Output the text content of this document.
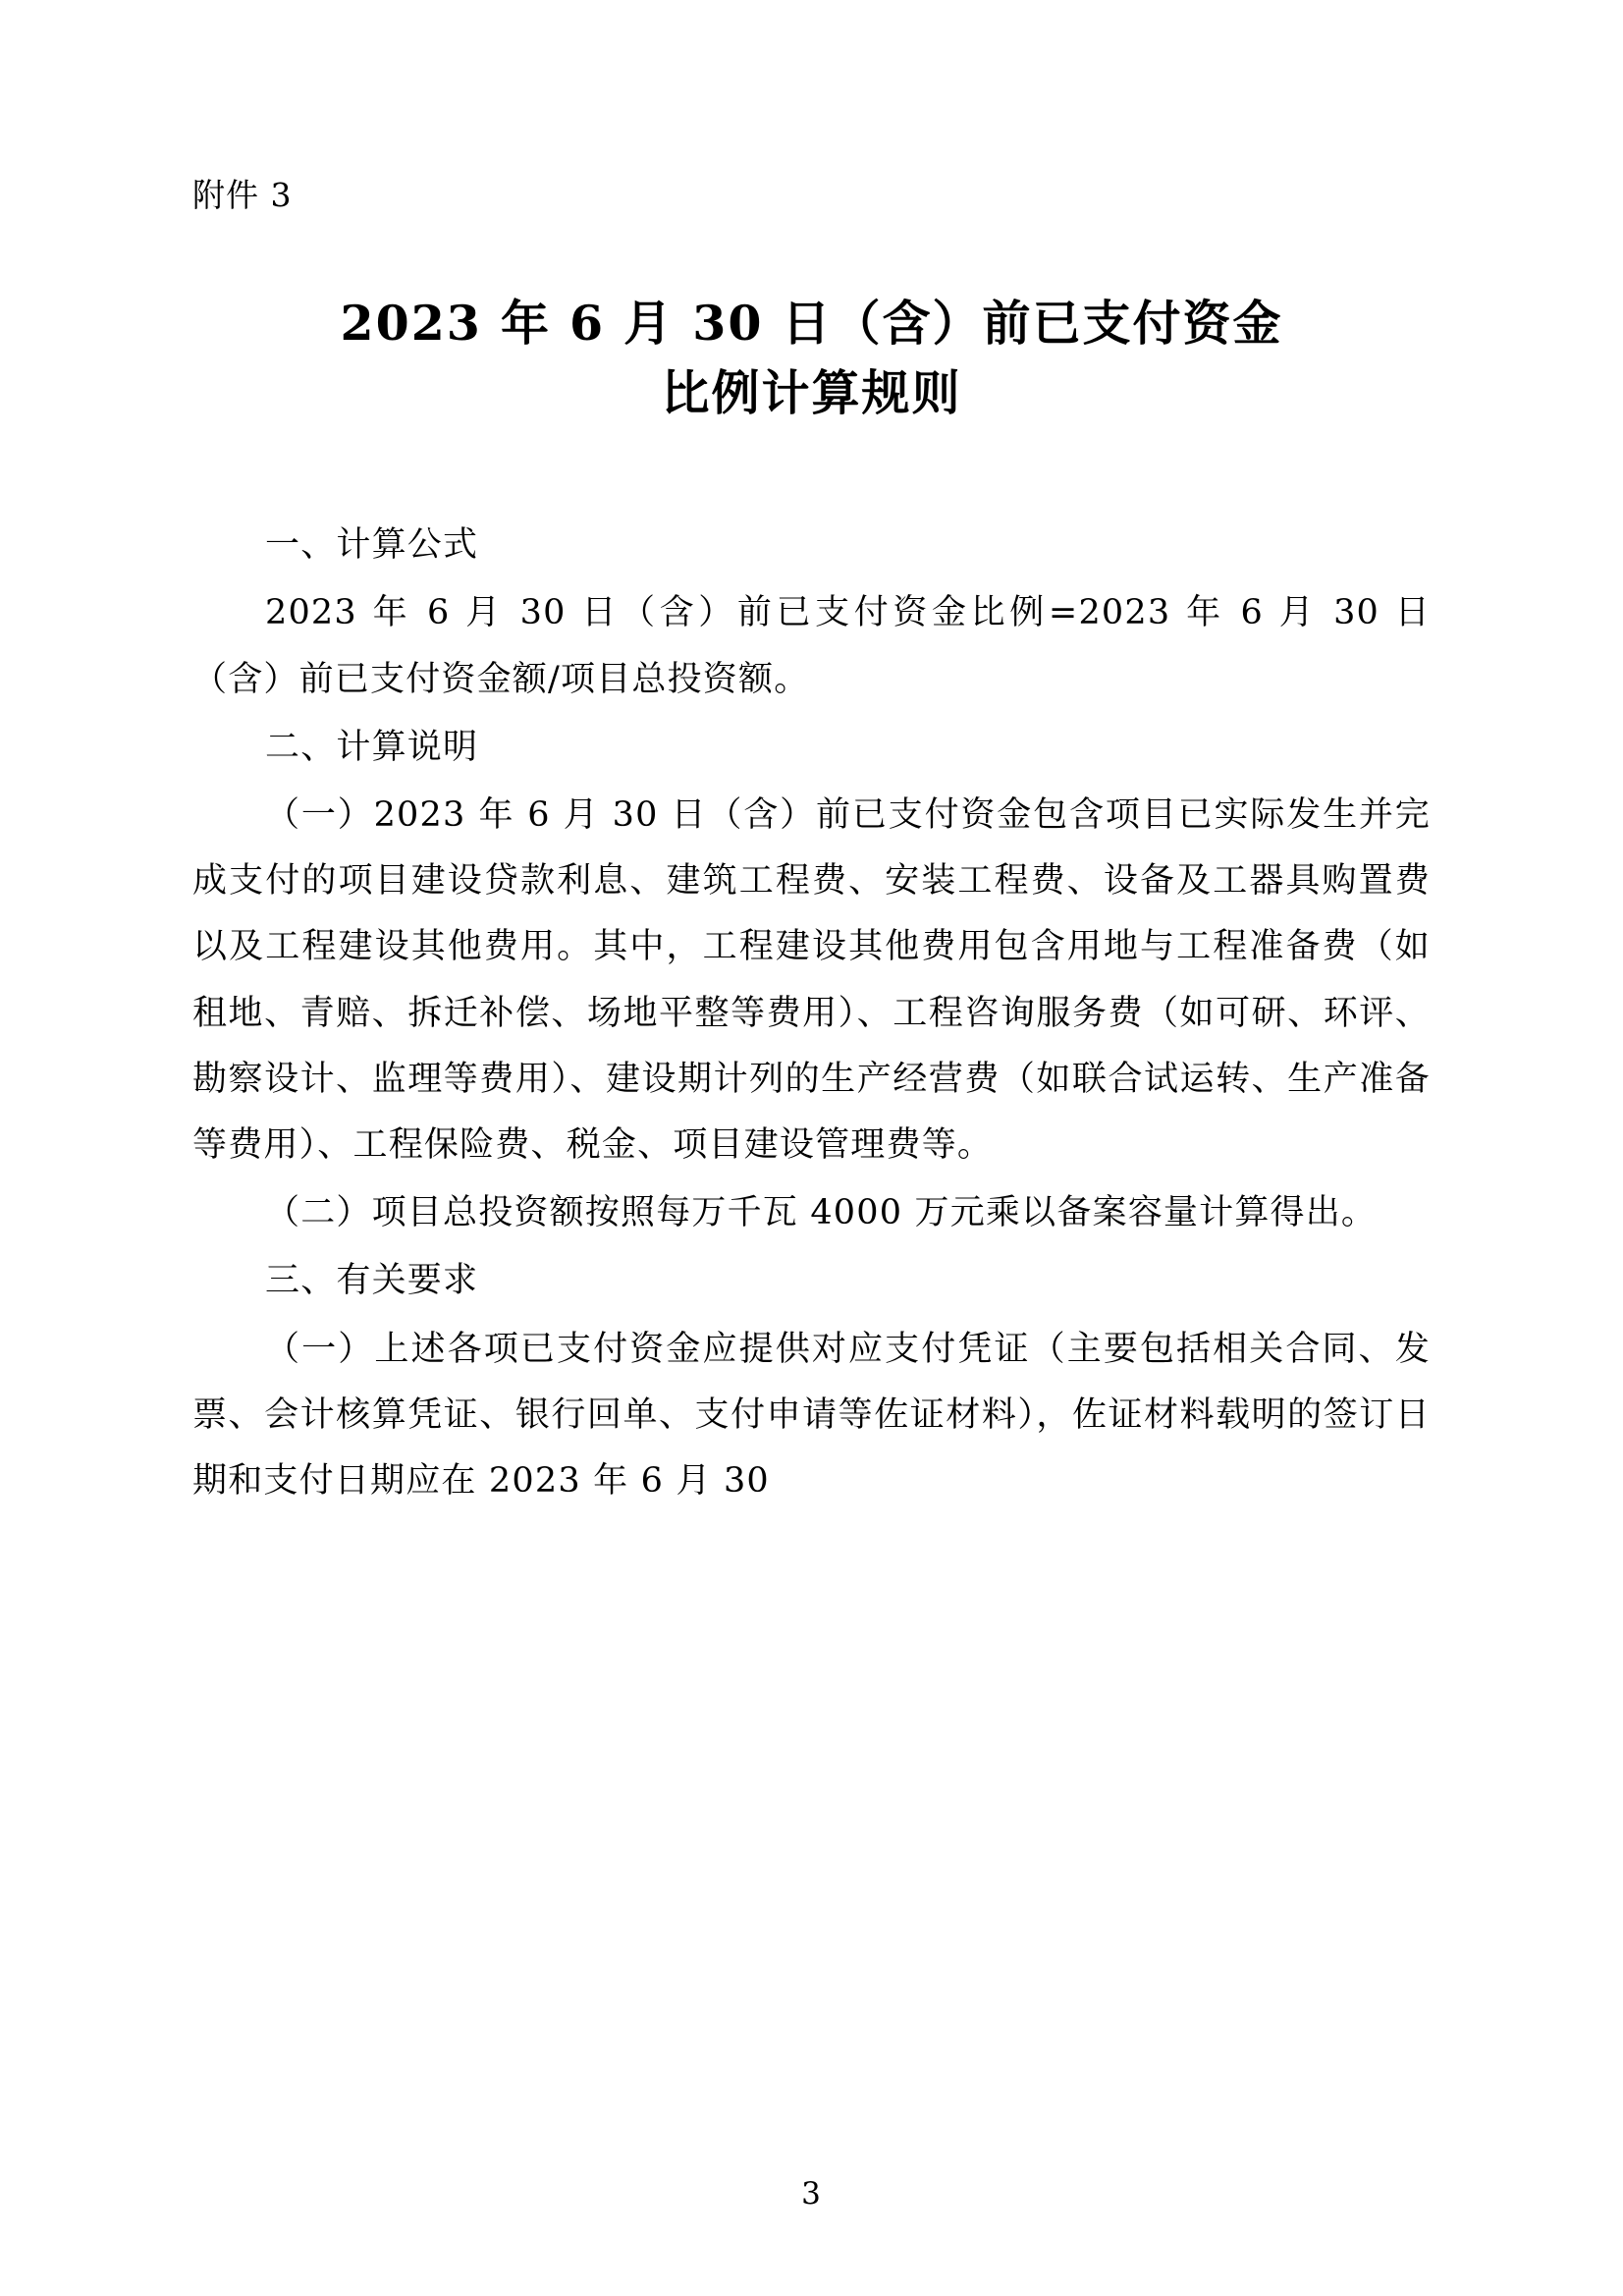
附件 3
2023 年 6 月 30 日（含）前已支付资金
比例计算规则

一、计算公式

2023 年 6 月 30 日（含）前已支付资金比例=2023 年 6 月 30 日（含）前已支付资金额/项目总投资额。

二、计算说明

（一）2023 年 6 月 30 日（含）前已支付资金包含项目已实际发生并完成支付的项目建设贷款利息、建筑工程费、安装工程费、设备及工器具购置费以及工程建设其他费用。其中，工程建设其他费用包含用地与工程准备费（如租地、青赔、拆迁补偿、场地平整等费用）、工程咨询服务费（如可研、环评、勘察设计、监理等费用）、建设期计列的生产经营费（如联合试运转、生产准备等费用）、工程保险费、税金、项目建设管理费等。

（二）项目总投资额按照每万千瓦 4000 万元乘以备案容量计算得出。

三、有关要求

（一）上述各项已支付资金应提供对应支付凭证（主要包括相关合同、发票、会计核算凭证、银行回单、支付申请等佐证材料），佐证材料载明的签订日期和支付日期应在 2023 年 6 月 30

3
